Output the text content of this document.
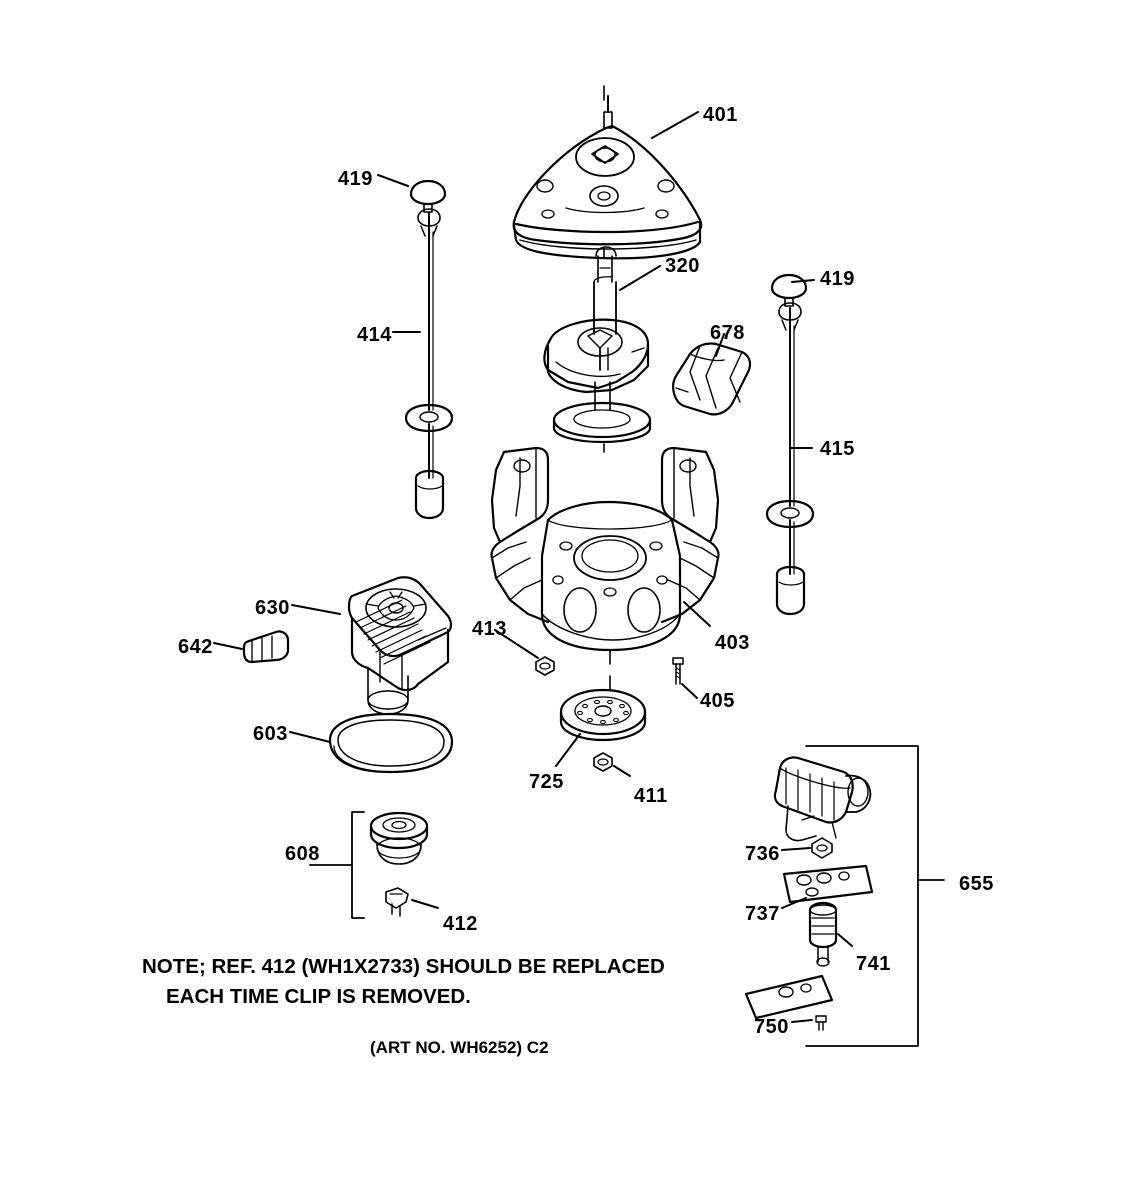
401
419
419
320
414	678
415
630
642
413
403
405
603
725
411
736
608
655
737
412
741
750
NOTE; REF. 412 (WH1X2733) SHOULD BE REPLACED
EACH TIME CLIP IS REMOVED.
(ART NO. WH6252) C2
